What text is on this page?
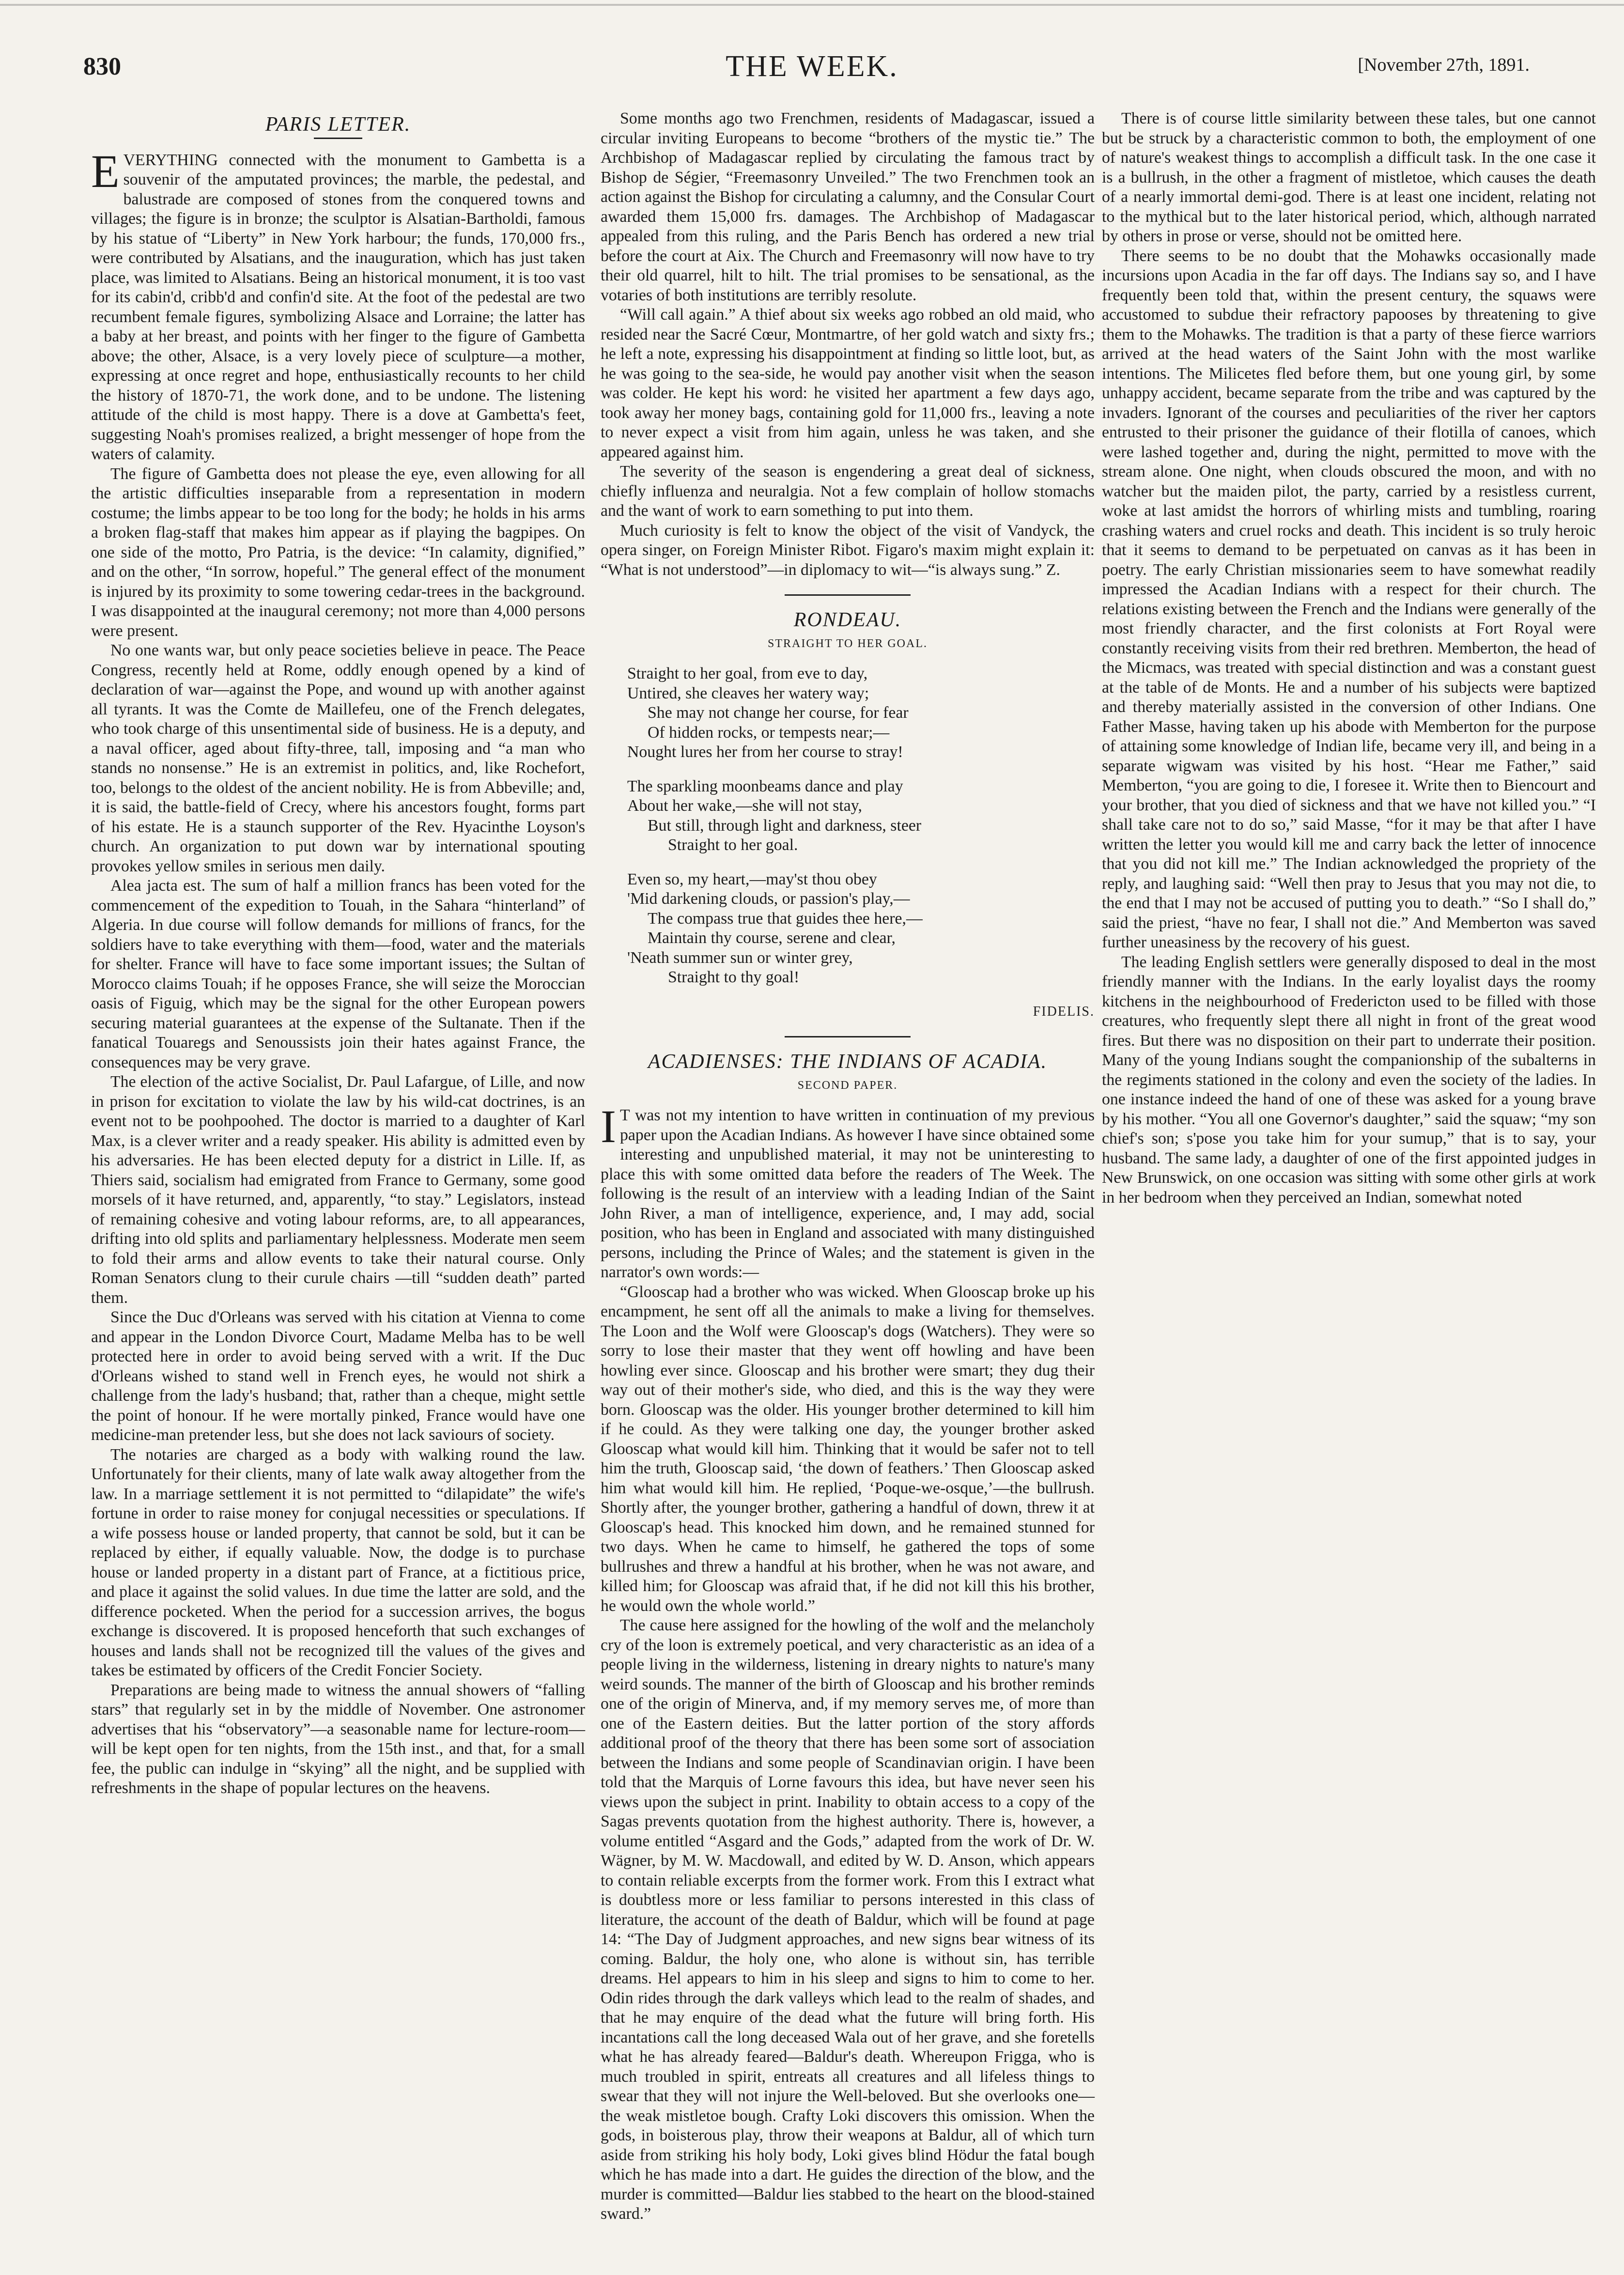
830	THE WEEK.	[November 27th, 1891.
PARIS LETTER.

EVERYTHING connected with the monument to Gambetta is a souvenir of the amputated provinces; the marble, the pedestal, and balustrade are composed of stones from the conquered towns and villages; the figure is in bronze; the sculptor is Alsatian-Bartholdi, famous by his statue of “Liberty” in New York harbour; the funds, 170,000 frs., were contributed by Alsatians, and the inauguration, which has just taken place, was limited to Alsatians. Being an historical monument, it is too vast for its cabin'd, cribb'd and confin'd site. At the foot of the pedestal are two recumbent female figures, symbolizing Alsace and Lorraine; the latter has a baby at her breast, and points with her finger to the figure of Gambetta above; the other, Alsace, is a very lovely piece of sculpture—a mother, expressing at once regret and hope, enthusiastically recounts to her child the history of 1870-71, the work done, and to be undone. The listening attitude of the child is most happy. There is a dove at Gambetta's feet, suggesting Noah's promises realized, a bright messenger of hope from the waters of calamity.

The figure of Gambetta does not please the eye, even allowing for all the artistic difficulties inseparable from a representation in modern costume; the limbs appear to be too long for the body; he holds in his arms a broken flag-staff that makes him appear as if playing the bagpipes. On one side of the motto, Pro Patria, is the device: “In calamity, dignified,” and on the other, “In sorrow, hopeful.” The general effect of the monument is injured by its proximity to some towering cedar-trees in the background. I was disappointed at the inaugural ceremony; not more than 4,000 persons were present.

No one wants war, but only peace societies believe in peace. The Peace Congress, recently held at Rome, oddly enough opened by a kind of declaration of war—against the Pope, and wound up with another against all tyrants. It was the Comte de Maillefeu, one of the French delegates, who took charge of this unsentimental side of business. He is a deputy, and a naval officer, aged about fifty-three, tall, imposing and “a man who stands no nonsense.” He is an extremist in politics, and, like Rochefort, too, belongs to the oldest of the ancient nobility. He is from Abbeville; and, it is said, the battle-field of Crecy, where his ancestors fought, forms part of his estate. He is a staunch supporter of the Rev. Hyacinthe Loyson's church. An organization to put down war by international spouting provokes yellow smiles in serious men daily.

Alea jacta est. The sum of half a million francs has been voted for the commencement of the expedition to Touah, in the Sahara “hinterland” of Algeria. In due course will follow demands for millions of francs, for the soldiers have to take everything with them—food, water and the materials for shelter. France will have to face some important issues; the Sultan of Morocco claims Touah; if he opposes France, she will seize the Moroccian oasis of Figuig, which may be the signal for the other European powers securing material guarantees at the expense of the Sultanate. Then if the fanatical Touaregs and Senoussists join their hates against France, the consequences may be very grave.

The election of the active Socialist, Dr. Paul Lafargue, of Lille, and now in prison for excitation to violate the law by his wild-cat doctrines, is an event not to be poohpoohed. The doctor is married to a daughter of Karl Max, is a clever writer and a ready speaker. His ability is admitted even by his adversaries. He has been elected deputy for a district in Lille. If, as Thiers said, socialism had emigrated from France to Germany, some good morsels of it have returned, and, apparently, “to stay.” Legislators, instead of remaining cohesive and voting labour reforms, are, to all appearances, drifting into old splits and parliamentary helplessness. Moderate men seem to fold their arms and allow events to take their natural course. Only Roman Senators clung to their curule chairs —till “sudden death” parted them.

Since the Duc d'Orleans was served with his citation at Vienna to come and appear in the London Divorce Court, Madame Melba has to be well protected here in order to avoid being served with a writ. If the Duc d'Orleans wished to stand well in French eyes, he would not shirk a challenge from the lady's husband; that, rather than a cheque, might settle the point of honour. If he were mortally pinked, France would have one medicine-man pretender less, but she does not lack saviours of society.

The notaries are charged as a body with walking round the law. Unfortunately for their clients, many of late walk away altogether from the law. In a marriage settlement it is not permitted to “dilapidate” the wife's fortune in order to raise money for conjugal necessities or speculations. If a wife possess house or landed property, that cannot be sold, but it can be replaced by either, if equally valuable. Now, the dodge is to purchase house or landed property in a distant part of France, at a fictitious price, and place it against the solid values. In due time the latter are sold, and the difference pocketed. When the period for a succession arrives, the bogus exchange is discovered. It is proposed henceforth that such exchanges of houses and lands shall not be recognized till the values of the gives and takes be estimated by officers of the Credit Foncier Society.

Preparations are being made to witness the annual showers of “falling stars” that regularly set in by the middle of November. One astronomer advertises that his “observatory”—a seasonable name for lecture-room—will be kept open for ten nights, from the 15th inst., and that, for a small fee, the public can indulge in “skying” all the night, and be supplied with refreshments in the shape of popular lectures on the heavens.

Some months ago two Frenchmen, residents of Madagascar, issued a circular inviting Europeans to become “brothers of the mystic tie.” The Archbishop of Madagascar replied by circulating the famous tract by Bishop de Ségier, “Freemasonry Unveiled.” The two Frenchmen took an action against the Bishop for circulating a calumny, and the Consular Court awarded them 15,000 frs. damages. The Archbishop of Madagascar appealed from this ruling, and the Paris Bench has ordered a new trial before the court at Aix. The Church and Freemasonry will now have to try their old quarrel, hilt to hilt. The trial promises to be sensational, as the votaries of both institutions are terribly resolute.

“Will call again.” A thief about six weeks ago robbed an old maid, who resided near the Sacré Cœur, Montmartre, of her gold watch and sixty frs.; he left a note, expressing his disappointment at finding so little loot, but, as he was going to the sea-side, he would pay another visit when the season was colder. He kept his word: he visited her apartment a few days ago, took away her money bags, containing gold for 11,000 frs., leaving a note to never expect a visit from him again, unless he was taken, and she appeared against him.

The severity of the season is engendering a great deal of sickness, chiefly influenza and neuralgia. Not a few complain of hollow stomachs and the want of work to earn something to put into them.

Much curiosity is felt to know the object of the visit of Vandyck, the opera singer, on Foreign Minister Ribot. Figaro's maxim might explain it: “What is not understood”—in diplomacy to wit—“is always sung.” Z.

RONDEAU.
STRAIGHT TO HER GOAL.
Straight to her goal, from eve to day,
Untired, she cleaves her watery way;
She may not change her course, for fear
Of hidden rocks, or tempests near;—
Nought lures her from her course to stray!
The sparkling moonbeams dance and play
About her wake,—she will not stay,
But still, through light and darkness, steer
Straight to her goal.
Even so, my heart,—may'st thou obey
'Mid darkening clouds, or passion's play,—
The compass true that guides thee here,—
Maintain thy course, serene and clear,
'Neath summer sun or winter grey,
Straight to thy goal!
FIDELIS.
ACADIENSES: THE INDIANS OF ACADIA.
SECOND PAPER.

I T was not my intention to have written in continuation of my previous paper upon the Acadian Indians. As however I have since obtained some interesting and unpublished material, it may not be uninteresting to place this with some omitted data before the readers of The Week. The following is the result of an interview with a leading Indian of the Saint John River, a man of intelligence, experience, and, I may add, social position, who has been in England and associated with many distinguished persons, including the Prince of Wales; and the statement is given in the narrator's own words:—

“Glooscap had a brother who was wicked. When Glooscap broke up his encampment, he sent off all the animals to make a living for themselves. The Loon and the Wolf were Glooscap's dogs (Watchers). They were so sorry to lose their master that they went off howling and have been howling ever since. Glooscap and his brother were smart; they dug their way out of their mother's side, who died, and this is the way they were born. Glooscap was the older. His younger brother determined to kill him if he could. As they were talking one day, the younger brother asked Glooscap what would kill him. Thinking that it would be safer not to tell him the truth, Glooscap said, ‘the down of feathers.’ Then Glooscap asked him what would kill him. He replied, ‘Poque-we-osque,’—the bullrush. Shortly after, the younger brother, gathering a handful of down, threw it at Glooscap's head. This knocked him down, and he remained stunned for two days. When he came to himself, he gathered the tops of some bullrushes and threw a handful at his brother, when he was not aware, and killed him; for Glooscap was afraid that, if he did not kill this his brother, he would own the whole world.”

The cause here assigned for the howling of the wolf and the melancholy cry of the loon is extremely poetical, and very characteristic as an idea of a people living in the wilderness, listening in dreary nights to nature's many weird sounds. The manner of the birth of Glooscap and his brother reminds one of the origin of Minerva, and, if my memory serves me, of more than one of the Eastern deities. But the latter portion of the story affords additional proof of the theory that there has been some sort of association between the Indians and some people of Scandinavian origin. I have been told that the Marquis of Lorne favours this idea, but have never seen his views upon the subject in print. Inability to obtain access to a copy of the Sagas prevents quotation from the highest authority. There is, however, a volume entitled “Asgard and the Gods,” adapted from the work of Dr. W. Wägner, by M. W. Macdowall, and edited by W. D. Anson, which appears to contain reliable excerpts from the former work. From this I extract what is doubtless more or less familiar to persons interested in this class of literature, the account of the death of Baldur, which will be found at page 14: “The Day of Judgment approaches, and new signs bear witness of its coming. Baldur, the holy one, who alone is without sin, has terrible dreams. Hel appears to him in his sleep and signs to him to come to her. Odin rides through the dark valleys which lead to the realm of shades, and that he may enquire of the dead what the future will bring forth. His incantations call the long deceased Wala out of her grave, and she foretells what he has already feared—Baldur's death. Whereupon Frigga, who is much troubled in spirit, entreats all creatures and all lifeless things to swear that they will not injure the Well-beloved. But she overlooks one—the weak mistletoe bough. Crafty Loki discovers this omission. When the gods, in boisterous play, throw their weapons at Baldur, all of which turn aside from striking his holy body, Loki gives blind Hödur the fatal bough which he has made into a dart. He guides the direction of the blow, and the murder is committed—Baldur lies stabbed to the heart on the blood-stained sward.”

There is of course little similarity between these tales, but one cannot but be struck by a characteristic common to both, the employment of one of nature's weakest things to accomplish a difficult task. In the one case it is a bullrush, in the other a fragment of mistletoe, which causes the death of a nearly immortal demi-god. There is at least one incident, relating not to the mythical but to the later historical period, which, although narrated by others in prose or verse, should not be omitted here.

There seems to be no doubt that the Mohawks occasionally made incursions upon Acadia in the far off days. The Indians say so, and I have frequently been told that, within the present century, the squaws were accustomed to subdue their refractory papooses by threatening to give them to the Mohawks. The tradition is that a party of these fierce warriors arrived at the head waters of the Saint John with the most warlike intentions. The Milicetes fled before them, but one young girl, by some unhappy accident, became separate from the tribe and was captured by the invaders. Ignorant of the courses and peculiarities of the river her captors entrusted to their prisoner the guidance of their flotilla of canoes, which were lashed together and, during the night, permitted to move with the stream alone. One night, when clouds obscured the moon, and with no watcher but the maiden pilot, the party, carried by a resistless current, woke at last amidst the horrors of whirling mists and tumbling, roaring crashing waters and cruel rocks and death. This incident is so truly heroic that it seems to demand to be perpetuated on canvas as it has been in poetry. The early Christian missionaries seem to have somewhat readily impressed the Acadian Indians with a respect for their church. The relations existing between the French and the Indians were generally of the most friendly character, and the first colonists at Fort Royal were constantly receiving visits from their red brethren. Memberton, the head of the Micmacs, was treated with special distinction and was a constant guest at the table of de Monts. He and a number of his subjects were baptized and thereby materially assisted in the conversion of other Indians. One Father Masse, having taken up his abode with Memberton for the purpose of attaining some knowledge of Indian life, became very ill, and being in a separate wigwam was visited by his host. “Hear me Father,” said Memberton, “you are going to die, I foresee it. Write then to Biencourt and your brother, that you died of sickness and that we have not killed you.” “I shall take care not to do so,” said Masse, “for it may be that after I have written the letter you would kill me and carry back the letter of innocence that you did not kill me.” The Indian acknowledged the propriety of the reply, and laughing said: “Well then pray to Jesus that you may not die, to the end that I may not be accused of putting you to death.” “So I shall do,” said the priest, “have no fear, I shall not die.” And Memberton was saved further uneasiness by the recovery of his guest.

The leading English settlers were generally disposed to deal in the most friendly manner with the Indians. In the early loyalist days the roomy kitchens in the neighbourhood of Fredericton used to be filled with those creatures, who frequently slept there all night in front of the great wood fires. But there was no disposition on their part to underrate their position. Many of the young Indians sought the companionship of the subalterns in the regiments stationed in the colony and even the society of the ladies. In one instance indeed the hand of one of these was asked for a young brave by his mother. “You all one Governor's daughter,” said the squaw; “my son chief's son; s'pose you take him for your sumup,” that is to say, your husband. The same lady, a daughter of one of the first appointed judges in New Brunswick, on one occasion was sitting with some other girls at work in her bedroom when they perceived an Indian, somewhat noted
